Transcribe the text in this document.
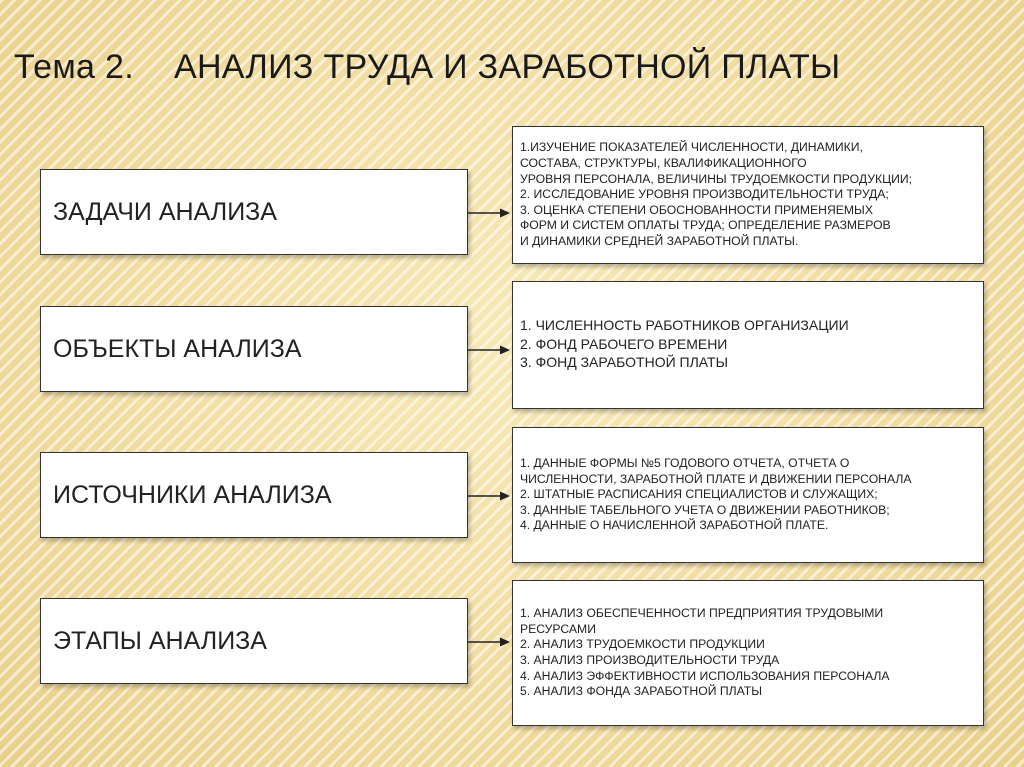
Тема 2. АНАЛИЗ ТРУДА И ЗАРАБОТНОЙ ПЛАТЫ
ЗАДАЧИ АНАЛИЗА
1.ИЗУЧЕНИЕ ПОКАЗАТЕЛЕЙ ЧИСЛЕННОСТИ, ДИНАМИКИ,
СОСТАВА, СТРУКТУРЫ, КВАЛИФИКАЦИОННОГО
УРОВНЯ ПЕРСОНАЛА, ВЕЛИЧИНЫ ТРУДОЕМКОСТИ ПРОДУКЦИИ;
2. ИССЛЕДОВАНИЕ УРОВНЯ ПРОИЗВОДИТЕЛЬНОСТИ ТРУДА;
3. ОЦЕНКА СТЕПЕНИ ОБОСНОВАННОСТИ ПРИМЕНЯЕМЫХ
ФОРМ И СИСТЕМ ОПЛАТЫ ТРУДА; ОПРЕДЕЛЕНИЕ РАЗМЕРОВ
И ДИНАМИКИ СРЕДНЕЙ ЗАРАБОТНОЙ ПЛАТЫ.
ОБЪЕКТЫ АНАЛИЗА
1. ЧИСЛЕННОСТЬ РАБОТНИКОВ ОРГАНИЗАЦИИ
2. ФОНД РАБОЧЕГО ВРЕМЕНИ
3. ФОНД ЗАРАБОТНОЙ ПЛАТЫ
ИСТОЧНИКИ АНАЛИЗА
1. ДАННЫЕ ФОРМЫ №5 ГОДОВОГО ОТЧЕТА, ОТЧЕТА О
ЧИСЛЕННОСТИ, ЗАРАБОТНОЙ ПЛАТЕ И ДВИЖЕНИИ ПЕРСОНАЛА
2. ШТАТНЫЕ РАСПИСАНИЯ СПЕЦИАЛИСТОВ И СЛУЖАЩИХ;
3. ДАННЫЕ ТАБЕЛЬНОГО УЧЕТА О ДВИЖЕНИИ РАБОТНИКОВ;
4. ДАННЫЕ О НАЧИСЛЕННОЙ ЗАРАБОТНОЙ ПЛАТЕ.
ЭТАПЫ АНАЛИЗА
1. АНАЛИЗ ОБЕСПЕЧЕННОСТИ ПРЕДПРИЯТИЯ ТРУДОВЫМИ
РЕСУРСАМИ
2. АНАЛИЗ ТРУДОЕМКОСТИ ПРОДУКЦИИ
3. АНАЛИЗ ПРОИЗВОДИТЕЛЬНОСТИ ТРУДА
4. АНАЛИЗ ЭФФЕКТИВНОСТИ ИСПОЛЬЗОВАНИЯ ПЕРСОНАЛА
5. АНАЛИЗ ФОНДА ЗАРАБОТНОЙ ПЛАТЫ
